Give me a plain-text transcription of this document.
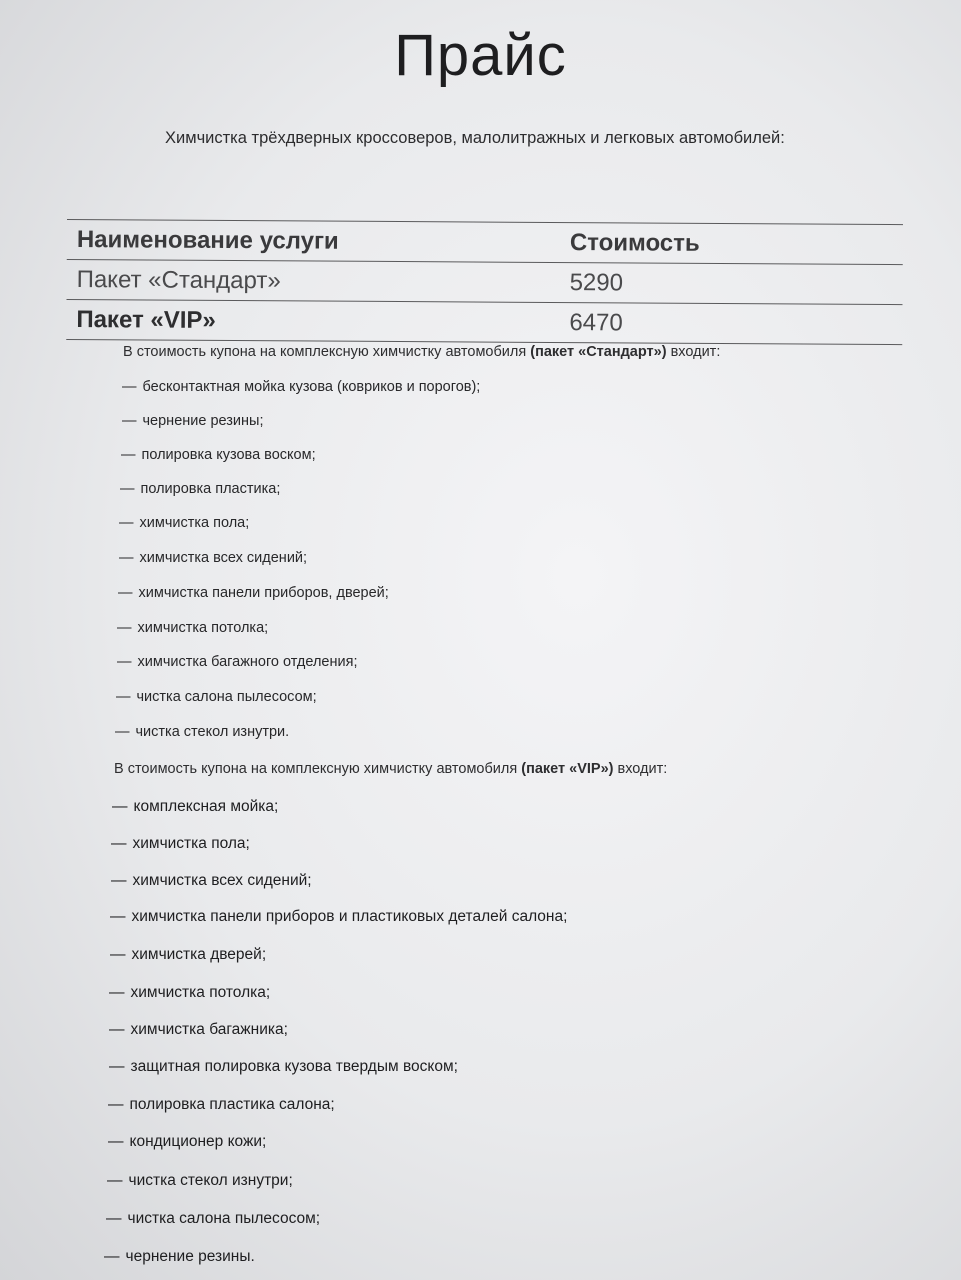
Прайс
Химчистка трёхдверных кроссоверов, малолитражных и легковых автомобилей:
Наименование услуги	Стоимость
Пакет «Стандарт»	5290
Пакет «VIP»	6470
В стоимость купона на комплексную химчистку автомобиля (пакет «Стандарт») входит:
— бесконтактная мойка кузова (ковриков и порогов);
— чернение резины;
— полировка кузова воском;
— полировка пластика;
— химчистка пола;
— химчистка всех сидений;
— химчистка панели приборов, дверей;
— химчистка потолка;
— химчистка багажного отделения;
— чистка салона пылесосом;
— чистка стекол изнутри.
В стоимость купона на комплексную химчистку автомобиля (пакет «VIP») входит:
— комплексная мойка;
— химчистка пола;
— химчистка всех сидений;
— химчистка панели приборов и пластиковых деталей салона;
— химчистка дверей;
— химчистка потолка;
— химчистка багажника;
— защитная полировка кузова твердым воском;
— полировка пластика салона;
— кондиционер кожи;
— чистка стекол изнутри;
— чистка салона пылесосом;
— чернение резины.
